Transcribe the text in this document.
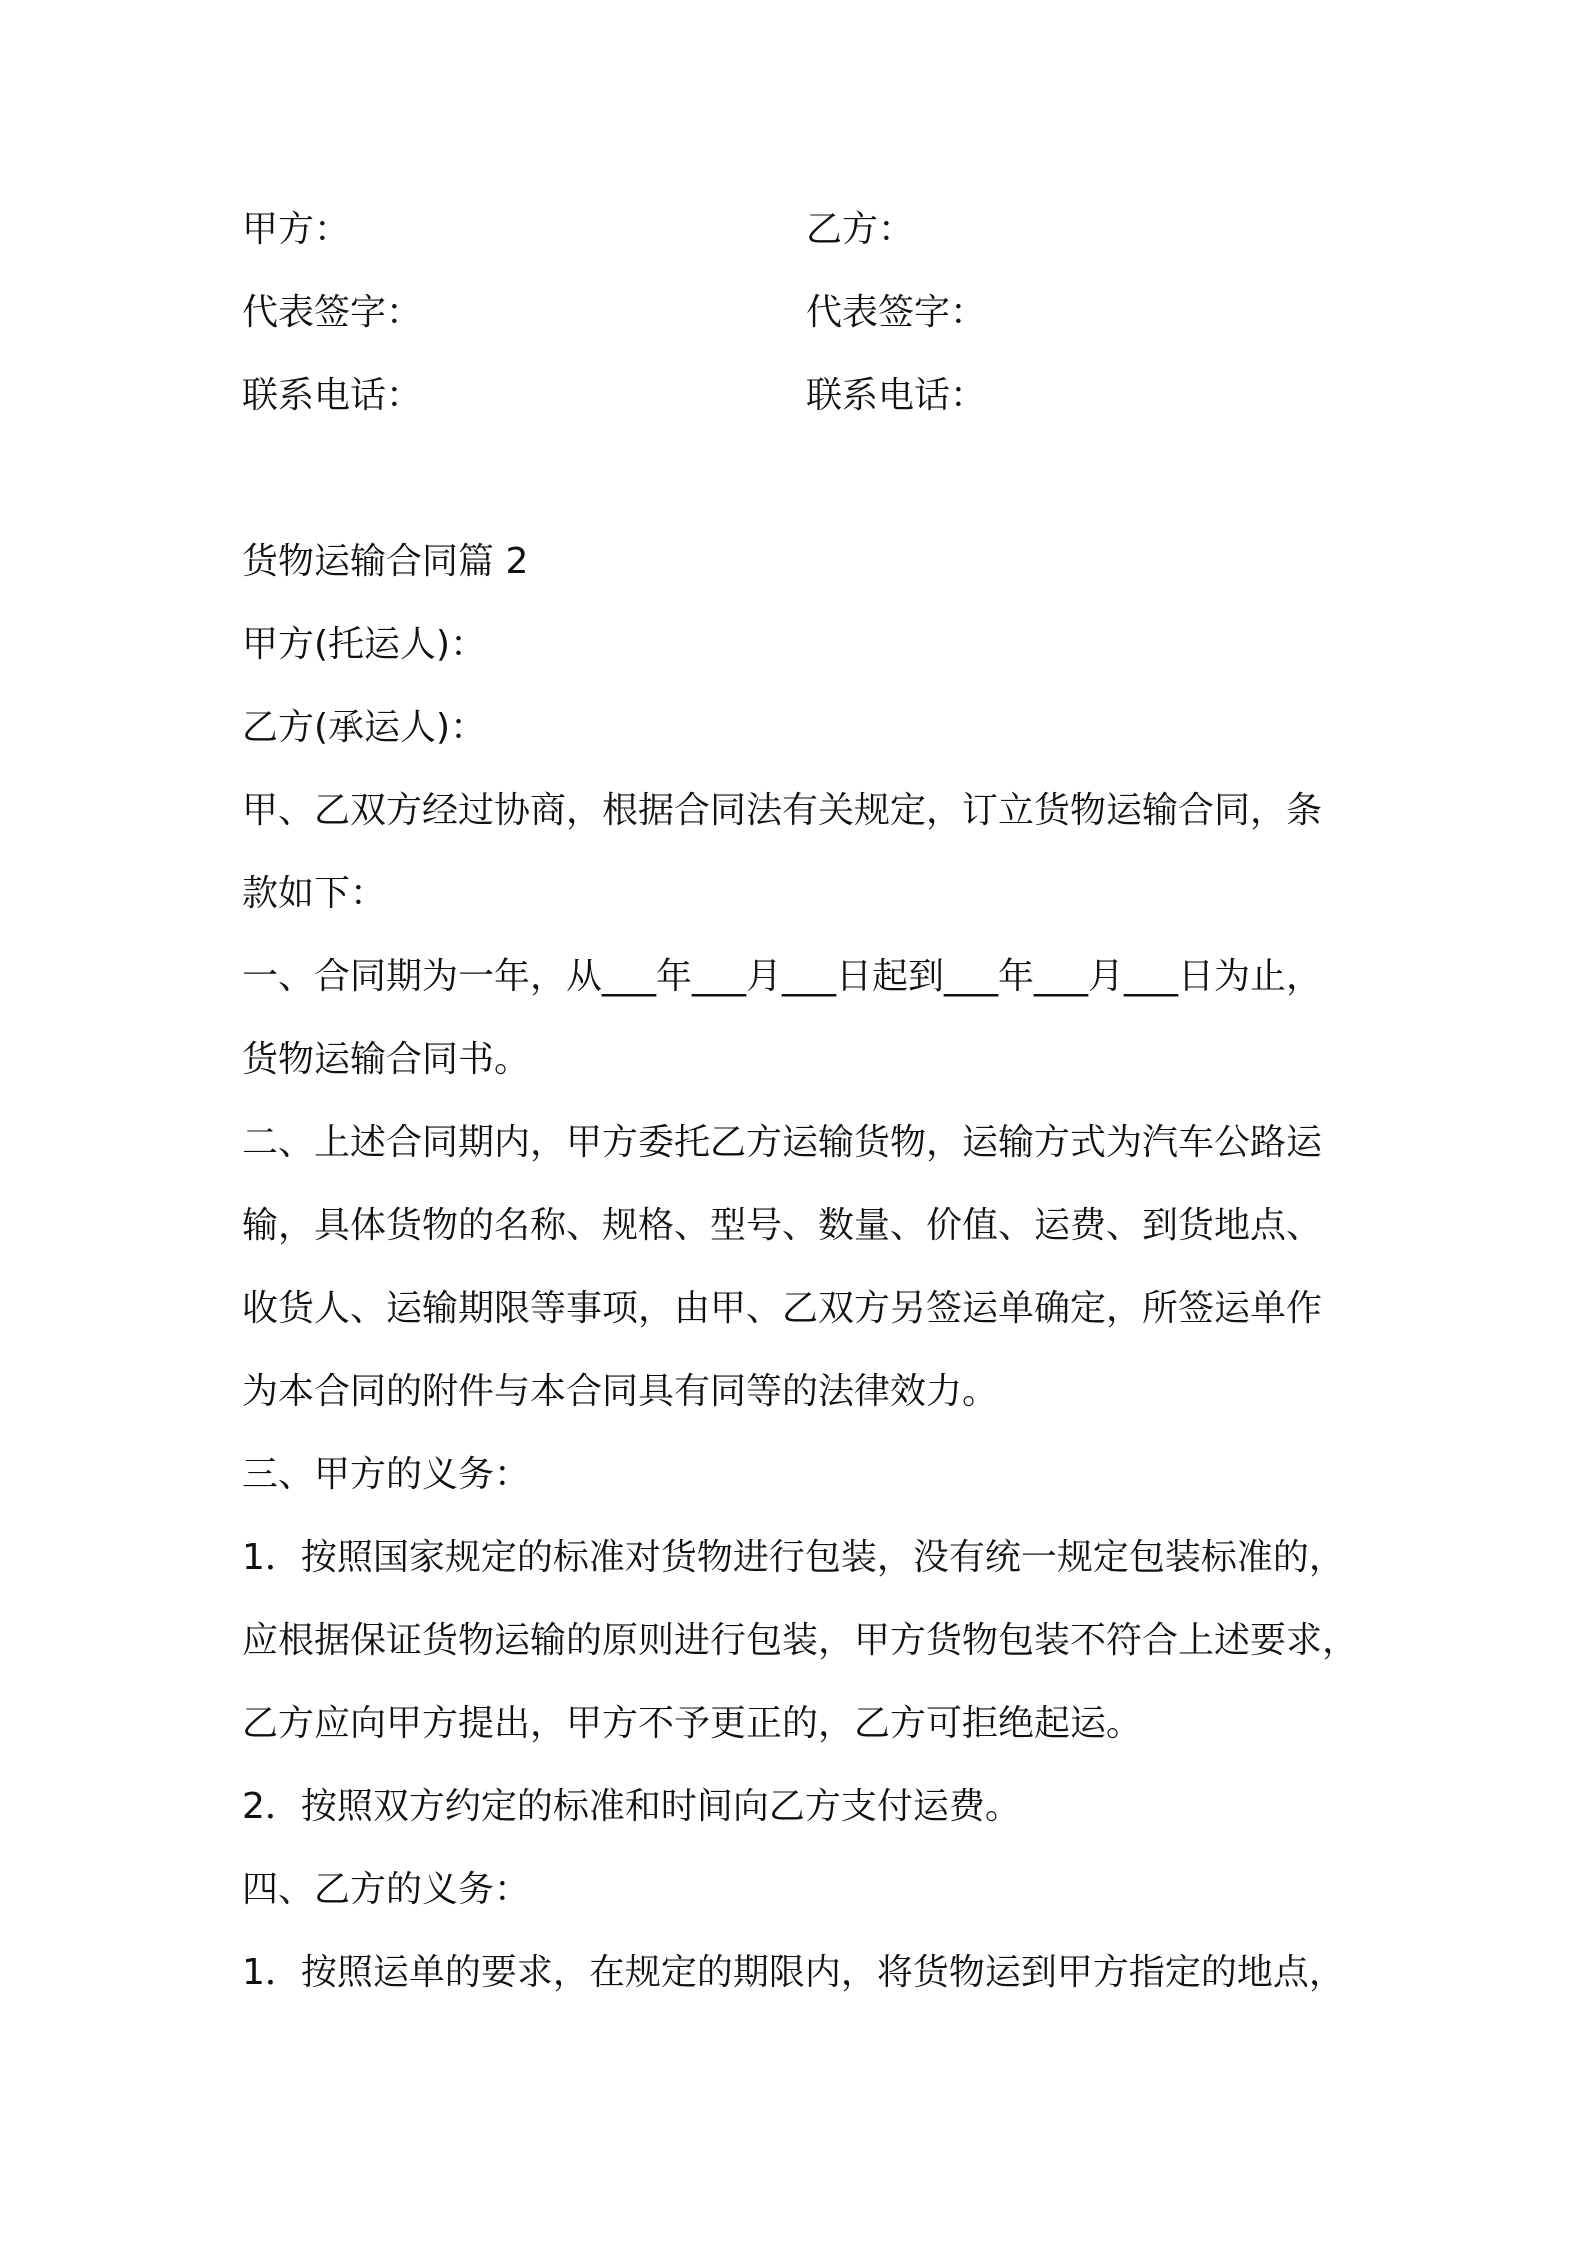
甲方：	乙方：
代表签字：	代表签字：
联系电话：	联系电话：
货物运输合同篇 2
甲方(托运人)：
乙方(承运人)：
甲、乙双方经过协商，根据合同法有关规定，订立货物运输合同，条
款如下：
一、合同期为一年，从___年___月___日起到___年___月___日为止，
货物运输合同书。
二、上述合同期内，甲方委托乙方运输货物，运输方式为汽车公路运
输，具体货物的名称、规格、型号、数量、价值、运费、到货地点、
收货人、运输期限等事项，由甲、乙双方另签运单确定，所签运单作
为本合同的附件与本合同具有同等的法律效力。
三、甲方的义务：
1．按照国家规定的标准对货物进行包装，没有统一规定包装标准的，
应根据保证货物运输的原则进行包装，甲方货物包装不符合上述要求，
乙方应向甲方提出，甲方不予更正的，乙方可拒绝起运。
2．按照双方约定的标准和时间向乙方支付运费。
四、乙方的义务：
1．按照运单的要求，在规定的期限内，将货物运到甲方指定的地点，
